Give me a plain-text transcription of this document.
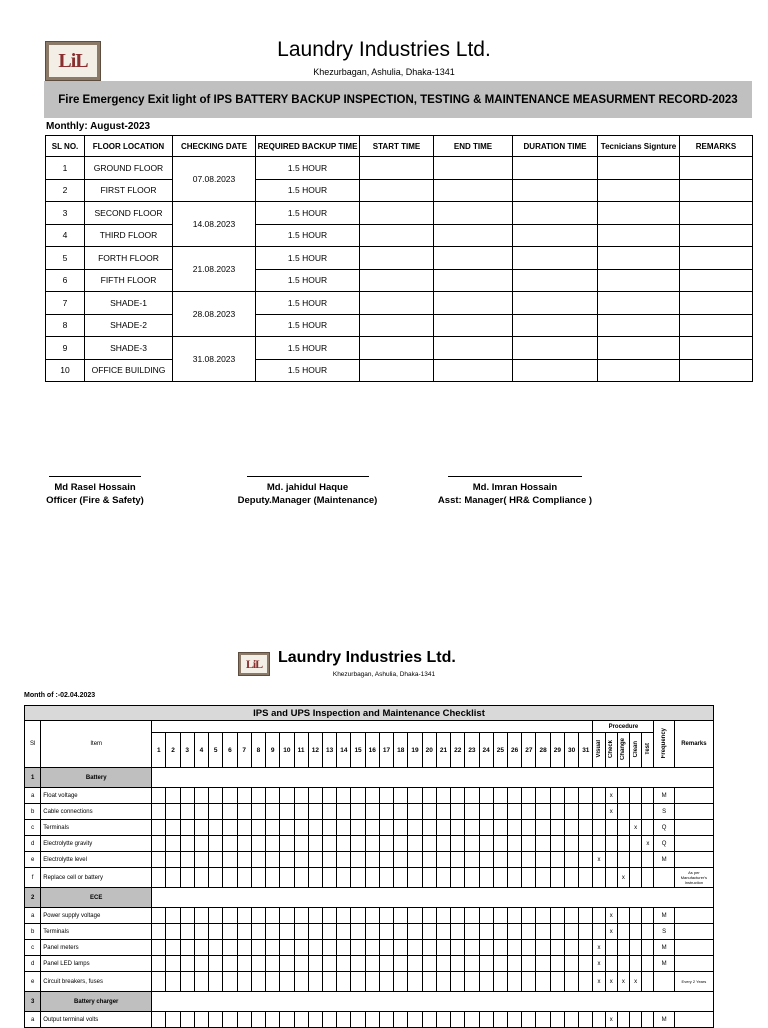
LiL	Laundry Industries Ltd.
Khezurbagan, Ashulia, Dhaka-1341
Fire Emergency Exit light of IPS BATTERY BACKUP INSPECTION, TESTING & MAINTENANCE MEASURMENT RECORD-2023
Monthly: August-2023
SL NO.	FLOOR LOCATION	CHECKING DATE	REQUIRED BACKUP TIME	START TIME	END TIME	DURATION TIME	Tecnicians Signture	REMARKS
1	GROUND FLOOR	07.08.2023	1.5 HOUR					
2	FIRST FLOOR		1.5 HOUR					
3	SECOND FLOOR	14.08.2023	1.5 HOUR					
4	THIRD FLOOR		1.5 HOUR					
5	FORTH FLOOR	21.08.2023	1.5 HOUR					
6	FIFTH FLOOR		1.5 HOUR					
7	SHADE-1	28.08.2023	1.5 HOUR					
8	SHADE-2		1.5 HOUR					
9	SHADE-3	31.08.2023	1.5 HOUR					
10	OFFICE BUILDING		1.5 HOUR					
Md Rasel Hossain
Officer (Fire & Safety)
Md. jahidul Haque
Deputy.Manager (Maintenance)
Md. Imran Hossain
Asst: Manager( HR& Compliance )
LiL Laundry Industries Ltd.
Khezurbagan, Ashulia, Dhaka-1341
Month of :-02.04.2023
IPS and UPS Inspection and Maintenance Checklist																																							
Sl	Item																																Procedure					Frequency	Remarks
		1	2	3	4	5	6	7	8	9	10	11	12	13	14	15	16	17	18	19	20	21	22	23	24	25	26	27	28	29	30	31	Visual	Check	Change	Clean	Test		
1	Battery																																						
a	Float voltage																																	x				M	
b	Cable connections																																	x				S	
c	Terminals																																			x		Q	
d	Electrolytte gravity																																				x	Q	
e	Electrolytte level																																x					M	
f	Replace cell or battery																																		x				As per Manufacturer's Instruction
2	ECE																																						
a	Power supply voltage																																	x				M	
b	Terminals																																	x				S	
c	Panel meters																																x					M	
d	Panel LED lamps																																x					M	
e	Circuit breakers, fuses																																x	x	x	x			Every 2 Years
3	Battery charger																																						
a	Output terminal volts																																	x				M	
